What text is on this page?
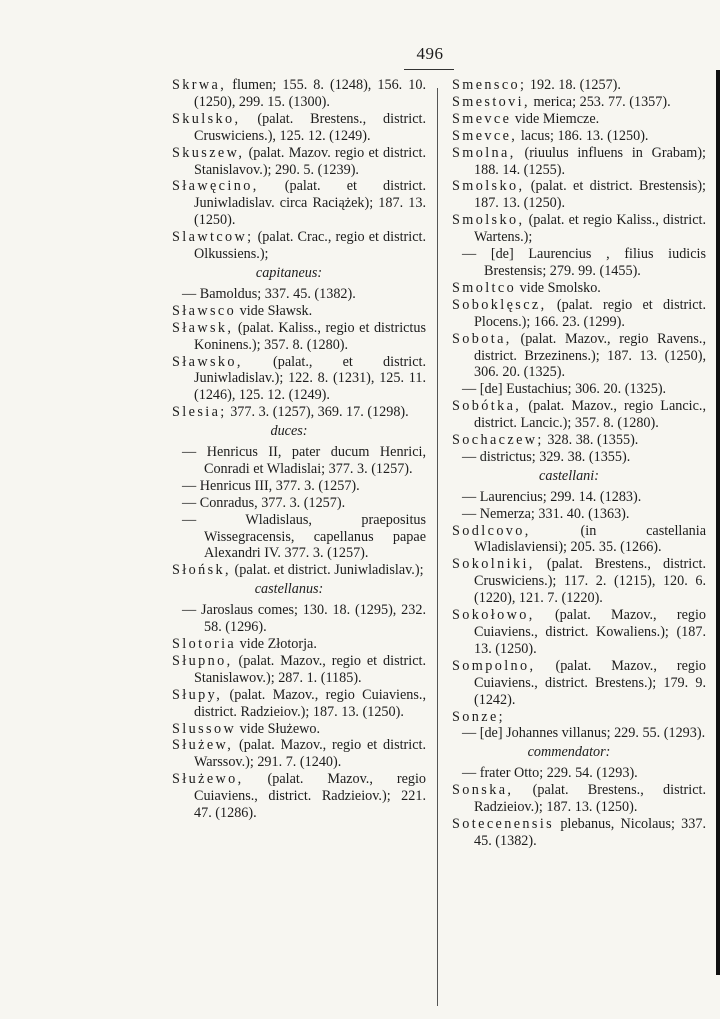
496

Skrwa, flumen; 155. 8. (1248), 156. 10. (1250), 299. 15. (1300).

Skulsko, (palat. Brestens., district. Cruswiciens.), 125. 12. (1249).

Skuszew, (palat. Mazov. regio et district. Stanislavov.); 290. 5. (1239).

Sławęcino, (palat. et district. Juniwladislav. circa Raciążek); 187. 13. (1250).

Slawtcow; (palat. Crac., regio et district. Olkussiens.);

capitaneus:

— Bamoldus; 337. 45. (1382).

Sławsco vide Sławsk.

Sławsk, (palat. Kaliss., regio et districtus Koninens.); 357. 8. (1280).

Sławsko, (palat., et district. Juniwladislav.); 122. 8. (1231), 125. 11. (1246), 125. 12. (1249).

Slesia; 377. 3. (1257), 369. 17. (1298).

duces:

— Henricus II, pater ducum Henrici, Conradi et Wladislai; 377. 3. (1257).

— Henricus III, 377. 3. (1257).

— Conradus, 377. 3. (1257).

— Wladislaus, praepositus Wissegracensis, capellanus papae Alexandri IV. 377. 3. (1257).

Słońsk, (palat. et district. Juniwladislav.);

castellanus:

— Jaroslaus comes; 130. 18. (1295), 232. 58. (1296).

Slotoria vide Złotorja.

Słupno, (palat. Mazov., regio et district. Stanislawov.); 287. 1. (1185).

Słupy, (palat. Mazov., regio Cuiaviens., district. Radzieiov.); 187. 13. (1250).

Slussow vide Służewo.

Służew, (palat. Mazov., regio et district. Warssov.); 291. 7. (1240).

Służewo, (palat. Mazov., regio Cuiaviens., district. Radzieiov.); 221. 47. (1286).

Smensco; 192. 18. (1257).

Smestovi, merica; 253. 77. (1357).

Smevce vide Miemcze.

Smevce, lacus; 186. 13. (1250).

Smolna, (riuulus influens in Grabam); 188. 14. (1255).

Smolsko, (palat. et district. Brestensis); 187. 13. (1250).

Smolsko, (palat. et regio Kaliss., district. Wartens.);

— [de] Laurencius , filius iudicis Brestensis; 279. 99. (1455).

Smoltco vide Smolsko.

Soboklęscz, (palat. regio et district. Plocens.); 166. 23. (1299).

Sobota, (palat. Mazov., regio Ravens., district. Brzezinens.); 187. 13. (1250), 306. 20. (1325).

— [de] Eustachius; 306. 20. (1325).

Sobótka, (palat. Mazov., regio Lancic., district. Lancic.); 357. 8. (1280).

Sochaczew; 328. 38. (1355).

— districtus; 329. 38. (1355).

castellani:

— Laurencius; 299. 14. (1283).

— Nemerza; 331. 40. (1363).

Sodlcovo, (in castellania Wladislaviensi); 205. 35. (1266).

Sokolniki, (palat. Brestens., district. Cruswiciens.); 117. 2. (1215), 120. 6. (1220), 121. 7. (1220).

Sokołowo, (palat. Mazov., regio Cuiaviens., district. Kowaliens.); (187. 13. (1250).

Sompolno, (palat. Mazov., regio Cuiaviens., district. Brestens.); 179. 9. (1242).

Sonze;

— [de] Johannes villanus; 229. 55. (1293).

commendator:

— frater Otto; 229. 54. (1293).

Sonska, (palat. Brestens., district. Radzieiov.); 187. 13. (1250).

Sotecenensis plebanus, Nicolaus; 337. 45. (1382).
